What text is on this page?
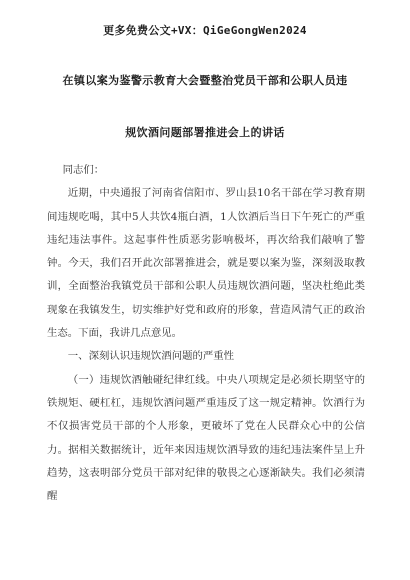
更多免费公文+VX：QiGeGongWen2024
在镇以案为鉴警示教育大会暨整治党员干部和公职人员违
规饮酒问题部署推进会上的讲话

同志们：

近期，中央通报了河南省信阳市、罗山县10名干部在学习教育期间违规吃喝，其中5人共饮4瓶白酒，1人饮酒后当日下午死亡的严重违纪违法事件。这起事件性质恶劣影响极坏，再次给我们敲响了警钟。今天，我们召开此次部署推进会，就是要以案为鉴，深刻汲取教训，全面整治我镇党员干部和公职人员违规饮酒问题，坚决杜绝此类现象在我镇发生，切实维护好党和政府的形象，营造风清气正的政治生态。下面，我讲几点意见。

一、深刻认识违规饮酒问题的严重性

（一）违规饮酒触碰纪律红线。中央八项规定是必须长期坚守的铁规矩、硬杠杠，违规饮酒问题严重违反了这一规定精神。饮酒行为不仅损害党员干部的个人形象，更破坏了党在人民群众心中的公信力。据相关数据统计，近年来因违规饮酒导致的违纪违法案件呈上升趋势，这表明部分党员干部对纪律的敬畏之心逐渐缺失。我们必须清醒
